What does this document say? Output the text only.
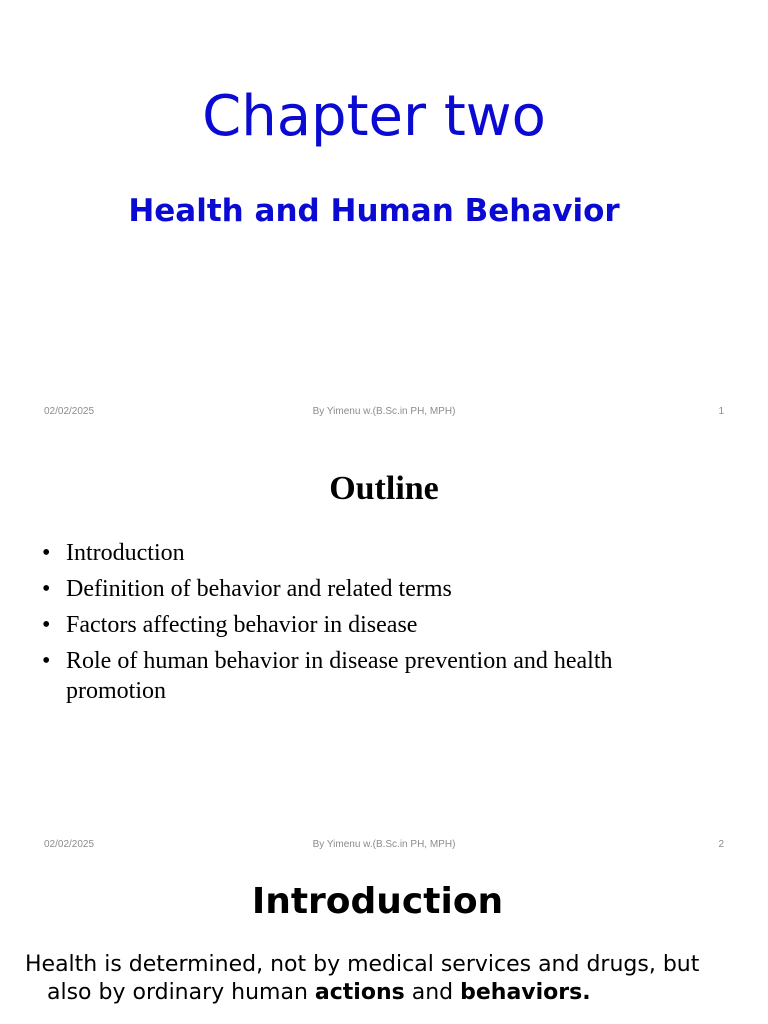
Chapter two
Health and Human Behavior
02/02/2025	By Yimenu w.(B.Sc.in PH, MPH)	1
Outline
• Introduction
• Definition of behavior and related terms
• Factors affecting behavior in disease
• Role of human behavior in disease prevention and health promotion
02/02/2025	By Yimenu w.(B.Sc.in PH, MPH)	2
Introduction
Health is determined, not by medical services and drugs, but
also by ordinary human actions and behaviors.
